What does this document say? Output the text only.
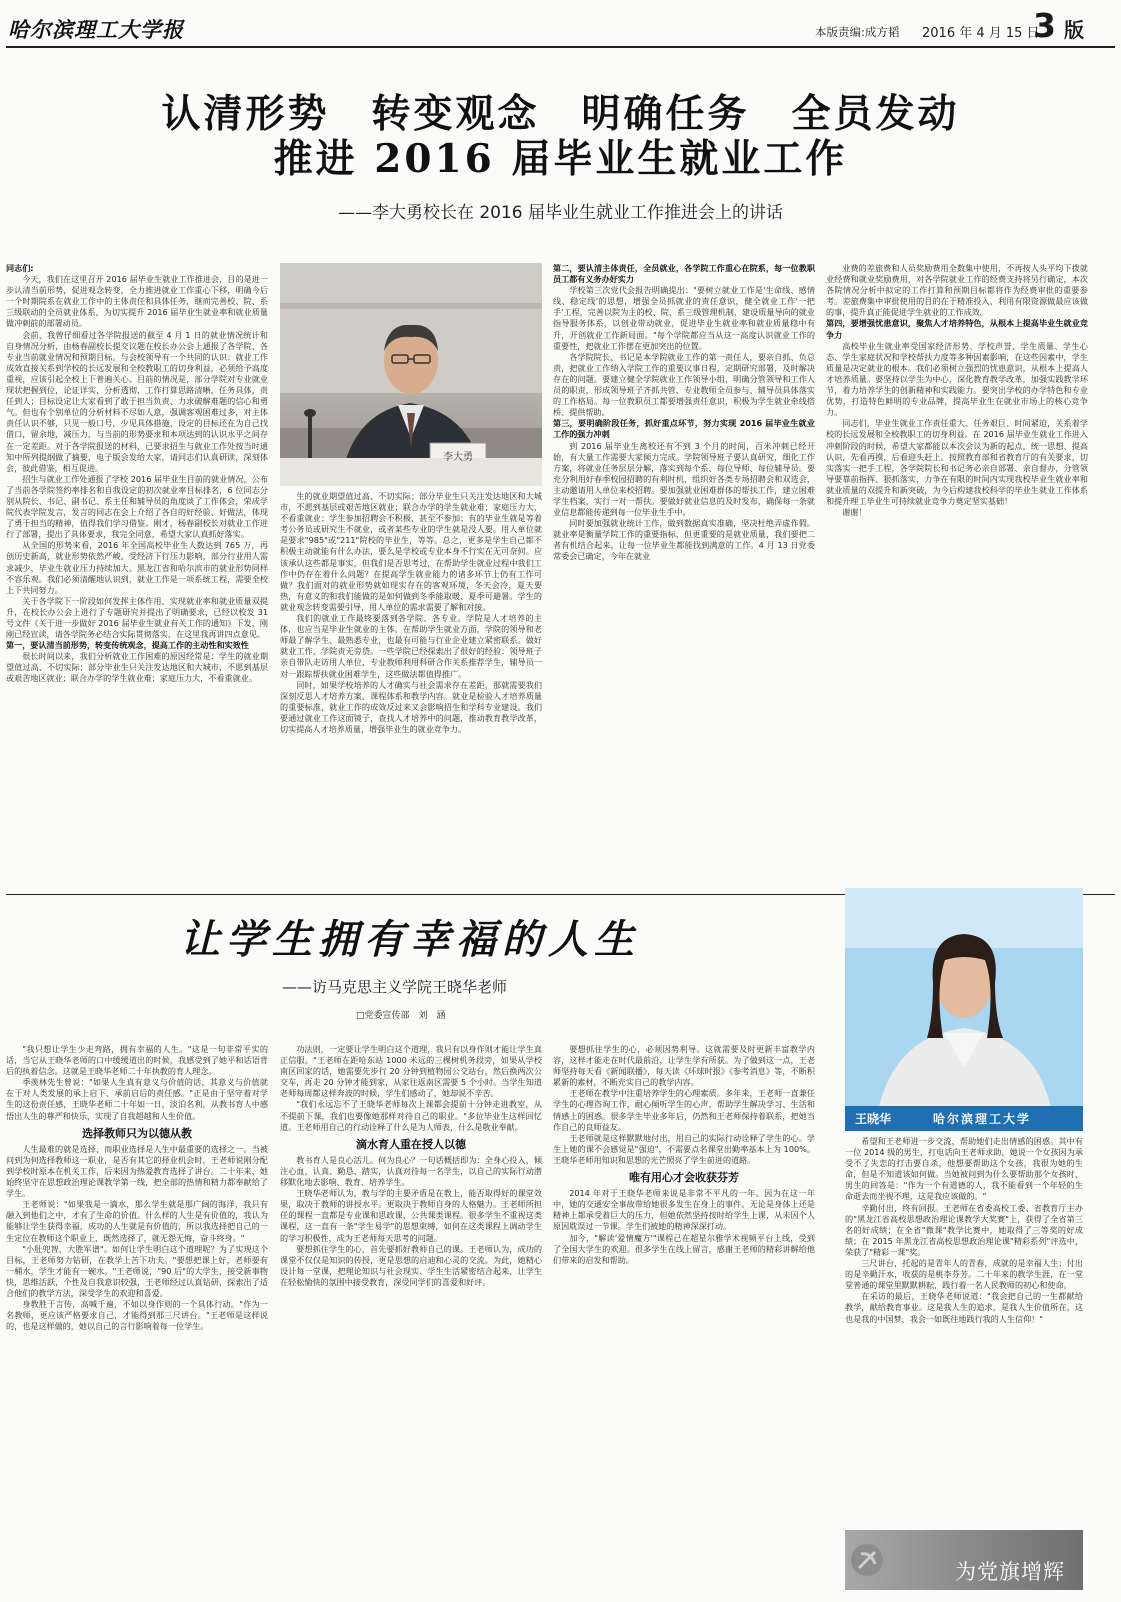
哈尔滨理工大学报	本版责编:成方韬 2016 年 4 月 15 日
3 版
认清形势　转变观念　明确任务　全员发动
推进 2016 届毕业生就业工作
——李大勇校长在 2016 届毕业生就业工作推进会上的讲话
李大勇

同志们:

今天，我们在这里召开 2016 届毕业生就业工作推进会，目的是进一步认清当前形势，促进观念转变，全力推进就业工作重心下移，明确今后一个时期院系在就业工作中的主体责任和具体任务，继而完善校、院、系三级联动的全员就业体系，为切实提升 2016 届毕业生就业率和就业质量做冲刺前的部署动员。

会前，我曾仔细看过各学院报送的截至 4 月 1 日的就业情况统计和自身情况分析，由杨春副校长提交议题在校长办公会上通报了各学院、各专业当前就业情况和预期目标。与会校领导有一个共同的认识：就业工作成效直接关系到学校的长远发展和全校教职工的切身利益，必须给予高度重视，应该引起全校上下普遍关心。目前的情况是，部分学院对专业就业现状把握到位，论证详实，分析透彻，工作打算思路清晰，任务具体，责任到人；目标设定让大家看到了敢于担当负责、力求破解难题的信心和勇气。但也有个别单位的分析材料不尽如人意，强调客观困难过多，对主体责任认识不够，只见一般口号，少见具体措施，设定的目标还在为自己找借口，留余地，减压力，与当前的形势要求和本项达到的认识水平之间存在一定差距。对于各学院报送的材料，已要求招生与就业工作处按当时通知中所列提纲做了摘要，电子版会发给大家，请同志们认真研读，深刻体会，彼此借鉴，相互促进。

招生与就业工作处通报了学校 2016 届毕业生目前的就业情况，公布了当前各学院签约率排名和自我设定的初次就业率目标排名，6 位同志分别从院长、书记、副书记、系主任和辅导员的角度谈了工作体会，荣成学院代表学院发言，发言的同志在会上介绍了各自的好经验、好做法，体现了勇于担当的精神，值得我们学习借鉴。刚才，杨春副校长对就业工作进行了部署，提出了具体要求，我完全同意，希望大家认真抓好落实。

从全国的形势来看，2016 年全国高校毕业生人数达到 765 万，再创历史新高，就业形势依然严峻。受经济下行压力影响，部分行业用人需求减少，毕业生就业压力持续加大。黑龙江省和哈尔滨市的就业形势同样不容乐观。我们必须清醒地认识到，就业工作是一项系统工程，需要全校上下共同努力。

关于各学院下一阶段如何发挥主体作用、实现就业率和就业质量双提升，在校长办公会上进行了专题研究并提出了明确要求，已经以校发 31 号文件《关于进一步做好 2016 届毕业生就业有关工作的通知》下发，刚刚已经宣读，请各学院务必结合实际贯彻落实，在这里我再讲四点意见。

第一，要认清当前形势，转变传统观念，提高工作的主动性和实效性

很长时间以来，我们分析就业工作困难的原因经常是：学生的就业期望值过高、不切实际；部分毕业生只关注发达地区和大城市，不愿到基层或艰苦地区就业；联合办学的学生就业难；家庭压力大，不看重就业。

生的就业期望值过高、不切实际；部分毕业生只关注发达地区和大城市，不愿到基层或艰苦地区就业；联合办学的学生就业难；家庭压力大，不看重就业；学生参加招聘会不积极，甚至不参加；有的毕业生就是等着考公务员或研究生不就业，或者某些专业的学生就是没人要。用人单位就是要求"985"或"211"院校的毕业生，等等。总之，更多是学生自己都不积极主动就能有什么办法，要么是学校或专业本身不行实在无可奈何。应该承认这些都是事实，但我们是否思考过，在帮助学生就业过程中我们工作中仍存在着什么问题？在提高学生就业能力的诸多环节上仍有工作可做？我们面对的就业形势就如现实存在的客观环境，冬天会冷，夏天要热，有意义的和我们能做的是如何做到冬季能取暖、夏季可避暑。学生的就业观念转变需要引导，用人单位的需求需要了解和对接。

我们的就业工作最终要落到各学院、各专业。学院是人才培养的主体，也应当是毕业生就业的主体。在帮助学生就业方面，学院的领导和老师最了解学生、最熟悉专业，也最有可能与行业企业建立紧密联系。做好就业工作，学院责无旁贷。一些学院已经探索出了很好的经验：领导班子亲自带队走访用人单位，专业教师利用科研合作关系推荐学生，辅导员一对一跟踪帮扶就业困难学生，这些做法都值得推广。

同时，如果学校培养的人才确实与社会需求存在差距，那就需要我们深刻反思人才培养方案、课程体系和教学内容。就业是检验人才培养质量的重要标准，就业工作的成效反过来又会影响招生和学科专业建设。我们要通过就业工作这面镜子，查找人才培养中的问题，推动教育教学改革，切实提高人才培养质量，增强毕业生的就业竞争力。

第二，要认清主体责任，全员就业，各学院工作重心在院系，每一位教职员工都有义务办好实力

学校第三次党代会报告明确提出："要树立就业工作是'生命线、感情线、稳定线'的思想，增强全员抓就业的责任意识，健全就业工作'一把手'工程，完善以院为主的校、院、系三级管理机制，建设质量导向的就业指导服务体系，以创业带动就业，促进毕业生就业率和就业质量稳中有升，开创就业工作新局面。"每个学院都应当从这一高度认识就业工作的重要性，把就业工作摆在更加突出的位置。

各学院院长、书记是本学院就业工作的第一责任人，要亲自抓、负总责，把就业工作纳入学院工作的重要议事日程，定期研究部署，及时解决存在的问题。要建立健全学院就业工作领导小组，明确分管领导和工作人员的职责，形成领导班子齐抓共管、专业教师全员参与、辅导员具体落实的工作格局。每一位教职员工都要增强责任意识，积极为学生就业牵线搭桥、提供帮助。

第三，要明确阶段任务，抓好重点环节，努力实现 2016 届毕业生就业工作的强力冲刺

到 2016 届毕业生离校还有不到 3 个月的时间，百米冲刺已经开始，有大量工作需要大家倾力完成。学院领导班子要认真研究，细化工作方案，将就业任务层层分解，落实到每个系、每位导师、每位辅导员。要充分利用好春季校园招聘的有利时机，组织好各类专场招聘会和双选会，主动邀请用人单位来校招聘。要加强就业困难群体的帮扶工作，建立困难学生档案，实行一对一帮扶。要做好就业信息的及时发布，确保每一条就业信息都能传递到每一位毕业生手中。

同时要加强就业统计工作，做到数据真实准确，坚决杜绝弄虚作假。就业率是衡量学院工作的重要指标，但更重要的是就业质量，我们要把二者有机结合起来，让每一位毕业生都能找到满意的工作。4 月 13 日党委常委会已确定，今年在就业

业费的差旅费和人员奖励费用全数集中使用，不再按人头平均下拨就业经费和就业奖励费用，对各学院就业工作的经费支持将另行确定，本次各院情况分析中拟定的工作打算和预期目标都将作为经费审批的重要参考。差旅费集中审批使用的目的在于精准投入，利用有限资源做最应该做的事，提升真正能促进学生就业的工作成效。

第四，要增强忧患意识，聚焦人才培养特色，从根本上提高毕业生就业竞争力

高校毕业生就业率受国家经济形势、学校声誉、学生质量、学生心态、学生家庭状况和学校帮扶力度等多种因素影响，在这些因素中，学生质量是决定就业的根本。我们必须树立强烈的忧患意识，从根本上提高人才培养质量。要坚持以学生为中心，深化教育教学改革，加强实践教学环节，着力培养学生的创新精神和实践能力。要突出学校的办学特色和专业优势，打造特色鲜明的专业品牌，提高毕业生在就业市场上的核心竞争力。

同志们，毕业生就业工作责任重大、任务艰巨、时间紧迫，关系着学校的长远发展和全校教职工的切身利益。在 2016 届毕业生就业工作进入冲刺阶段的时候，希望大家都能以本次会议为新的起点，统一思想、提高认识，先看再摸，后看迎头赶上。按照教育部和省教育厅的有关要求，切实落实一把手工程，各学院院长和书记务必亲自部署、亲自督办，分管领导要靠前指挥、狠抓落实，力争在有限的时间内实现我校毕业生就业率和就业质量的双提升和新突破，为今后构建我校科学的毕业生就业工作体系和提升理工毕业生可持续就业竞争力奠定坚实基础！

谢谢！

让学生拥有幸福的人生
——访马克思主义学院王晓华老师
□党委宣传部　刘　涵
王晓华	哈尔滨理工大学

"我只想让学生少走弯路，拥有幸福的人生。"这是一句非常平实的话，当它从王晓华老师的口中缓缓道出的时候，我感受到了她平和话语背后的执着信念。这就是王晓华老师二十年执教的育人理念。

季羡林先生曾说："如果人生真有意义与价值的话，其意义与价值就在于对人类发展的承上启下、承前启后的责任感。"正是由于坚守着对学生的这份责任感，王晓华老师二十年如一日，淡泊名利，从教书育人中感悟出人生的尊严和快乐，实现了自我超越和人生价值。

选择教师只为以德从教

人生最难的就是选择，而职业选择是人生中最重要的选择之一。当被问到为何选择教师这一职业，是否有其它的择业机会时，王老师说刚分配到学校时原本在机关工作，后来因为热爱教育选择了讲台。二十年来，她始终坚守在思想政治理论课教学第一线，把全部的热情和精力都奉献给了学生。

王老师说："如果我是一滴水，那么学生就是那广阔的海洋，我只有融入到他们之中，才有了生命的价值。什么样的人生是有价值的，我认为能够让学生获得幸福，成功的人生就是有价值的，所以我选择把自己的一生定位在教师这个职业上，既然选择了，就无怨无悔，奋斗终身。"

"小肚兜智，大胜军谱"。如何让学生明白这个道理呢？为了实现这个目标，王老师努力钻研，在教学上苦下功夫。"要想把课上好，老师要有一桶水，学生才能有一碗水。"王老师说，"90 后"的大学生，接受新事物快，思维活跃，个性及自我意识较强，王老师经过认真钻研，探索出了适合他们的教学方法，深受学生的欢迎和喜爱。

身教胜于言传，高喊千遍，不如以身作则的一个具体行动。"作为一名教师，更应该严格要求自己，才能得到那三尺讲台。"王老师是这样说的，也是这样做的，她以自己的言行影响着每一位学生。

功法则，一定要让学生明白这个道理，我只有以身作则才能让学生真正信服。"王老师在距哈东站 1000 米远的三棵树机务段旁，如果从学校南区回家的话，她需要先步行 20 分钟到植物园公交站台，然后换两次公交车，再走 20 分钟才能到家，从家往返南区需要 5 个小时。当学生知道老师每周都这样奔波的时候，学生们感动了，她却说不辛苦。

"我们永远忘不了王晓华老师每次上课都会提前十分钟走进教室，从不提前下课，我们也要像她那样对待自己的职业。"多位毕业生这样回忆道。王老师用自己的行动诠释了什么是为人师表，什么是敬业奉献。

滴水育人重在授人以德

教书育人是良心活儿。何为良心？一句话概括即为：全身心投入，倾注心血，认真、勤恳、踏实，认真对待每一名学生，以自己的实际行动潜移默化地去影响、教育、培养学生。

王晓华老师认为，教与学的主要矛盾是在教上，能否取得好的课堂效果，取决于教师的讲授水平。更取决于教师自身的人格魅力。王老师所担任的课程一直都是专业课和思政课，公共课类课程。很多学生不重视这类课程，这一直有一条"学生易学"的思想束缚，如何在这类课程上调动学生的学习积极性，成为王老师每天思考的问题。

要想抓住学生的心，首先要抓好教师自己的课。王老师认为，成功的课堂不仅仅是知识的传授，更是思想的启迪和心灵的交流。为此，她精心设计每一堂课，把理论知识与社会现实、学生生活紧密结合起来，让学生在轻松愉快的氛围中接受教育，深受同学们的喜爱和好评。

要想抓住学生的心，必须因势利导。这就需要及时更新丰富教学内容，这样才能走在时代最前沿，让学生学有所获。为了做到这一点，王老师坚持每天看《新闻联播》，每天读《环球时报》《参考消息》等，不断积累新的素材，不断充实自己的教学内容。

王老师在教学中注重培养学生的心理素质。多年来，王老师一直兼任学生的心理咨询工作，耐心倾听学生的心声，帮助学生解决学习、生活和情感上的困惑。很多学生毕业多年后，仍然和王老师保持着联系，把她当作自己的良师益友。

王老师就是这样默默地付出，用自己的实际行动诠释了学生的心。学生上她的课不会感觉是"强迫"，不需要点名课堂出勤率基本上为 100%。王晓华老师用知识和思想的光芒照亮了学生前进的道路。

唯有用心才会收获芬芳

2014 年对于王晓华老师来说是非常不平凡的一年。因为在这一年中，她的交通安全事故带给她很多发生在身上的事件。无论是身体上还是精神上都承受着巨大的压力，但她依然坚持按时给学生上课，从未因个人原因耽误过一节课。学生们被她的精神深深打动。

加今，"解读'爱情魔方'"课程已在超星尔雅学术视频平台上线，受到了全国大学生的欢迎。很多学生在线上留言，感谢王老师的精彩讲解给他们带来的启发和帮助。

希望和王老师进一步交流，帮助她们走出情感的困惑。其中有一位 2014 级的男生，打电话向王老师求助，她说一个女孩因为承受不了失恋的打击要自杀，他想要帮助这个女孩，我很为她的生命，但是不知道该如何做。当她被问到为什么要帮助那个女孩时，男生的回答是："作为一个有道德的人，我不能看到一个年轻的生命逝去而坐视不理，这是我应该做的。"

辛勤付出，终有回报。王老师在省委高校工委、省教育厅主办的"黑龙江省高校思想政治理论课教学大奖赛"上，获得了全省第三名的好成绩；在全省"微课"教学比赛中，她取得了三等奖的好成绩；在 2015 年黑龙江省高校思想政治理论课"精彩系列"评选中，荣获了"精彩一课"奖。

三尺讲台，托起的是青年人的青春，成就的是幸福人生；付出的是辛勤汗水，收获的是桃李芬芳。二十年来的教学生涯，在一堂堂普通的课堂里默默耕耘，践行着一名人民教师的初心和使命。

在采访的最后，王晓华老师说道："我会把自己的一生都献给教学，献给教育事业。这是我人生的追求，是我人生价值所在，这也是我的中国梦，我会一如既往地践行我的人生信仰！"

为党旗增辉
